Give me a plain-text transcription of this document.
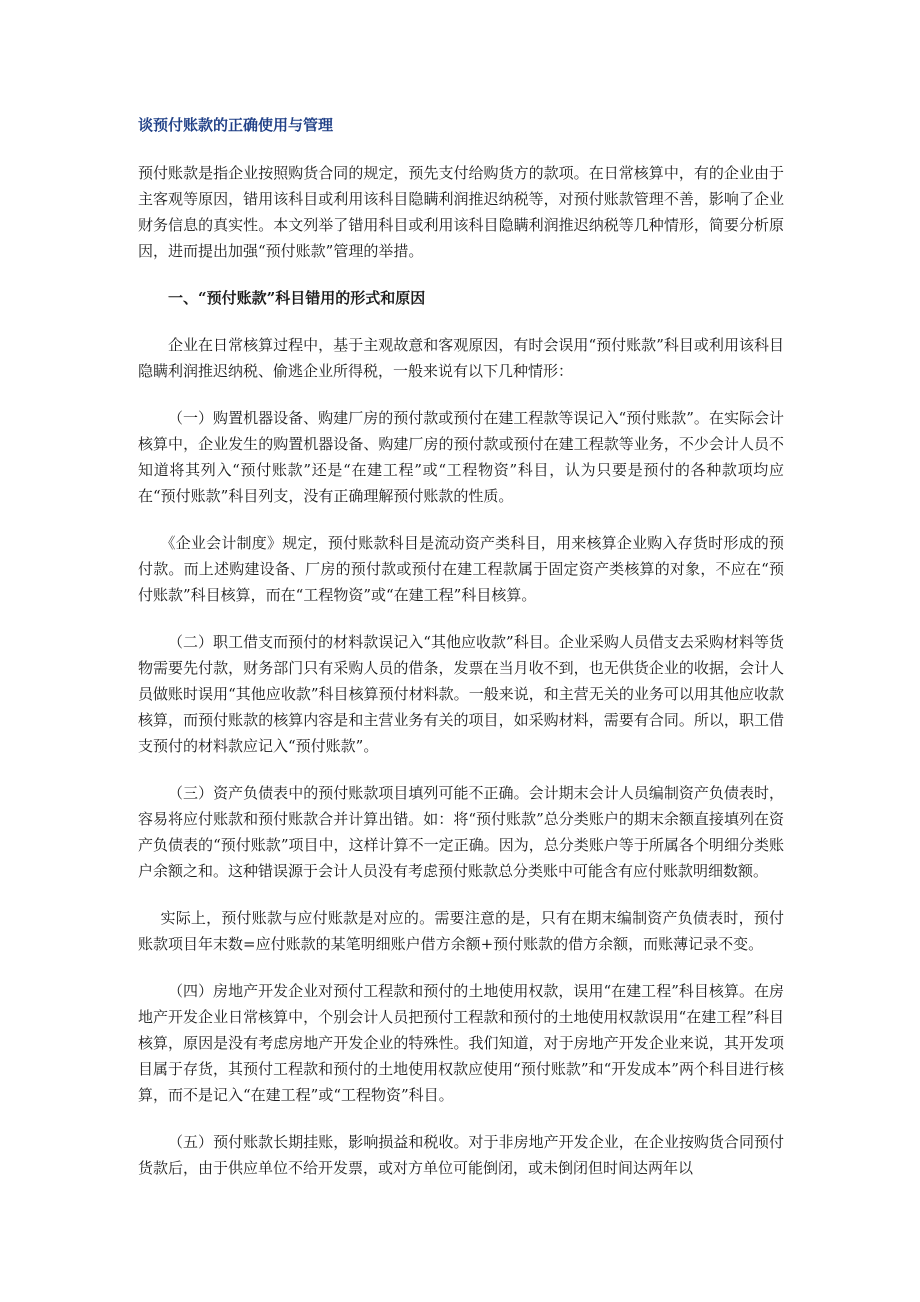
谈预付账款的正确使用与管理

预付账款是指企业按照购货合同的规定，预先支付给购货方的款项。在日常核算中，有的企业由于主客观等原因，错用该科目或利用该科目隐瞒利润推迟纳税等，对预付账款管理不善，影响了企业财务信息的真实性。本文列举了错用科目或利用该科目隐瞒利润推迟纳税等几种情形，简要分析原因，进而提出加强“预付账款”管理的举措。

一、“预付账款”科目错用的形式和原因

企业在日常核算过程中，基于主观故意和客观原因，有时会误用“预付账款”科目或利用该科目隐瞒利润推迟纳税、偷逃企业所得税，一般来说有以下几种情形：

（一）购置机器设备、购建厂房的预付款或预付在建工程款等误记入“预付账款”。在实际会计核算中，企业发生的购置机器设备、购建厂房的预付款或预付在建工程款等业务，不少会计人员不知道将其列入“预付账款”还是“在建工程”或“工程物资”科目，认为只要是预付的各种款项均应在“预付账款”科目列支，没有正确理解预付账款的性质。

《企业会计制度》规定，预付账款科目是流动资产类科目，用来核算企业购入存货时形成的预付款。而上述购建设备、厂房的预付款或预付在建工程款属于固定资产类核算的对象，不应在“预付账款”科目核算，而在“工程物资”或“在建工程”科目核算。

（二）职工借支而预付的材料款误记入“其他应收款”科目。企业采购人员借支去采购材料等货物需要先付款，财务部门只有采购人员的借条，发票在当月收不到，也无供货企业的收据，会计人员做账时误用“其他应收款”科目核算预付材料款。一般来说，和主营无关的业务可以用其他应收款核算，而预付账款的核算内容是和主营业务有关的项目，如采购材料，需要有合同。所以，职工借支预付的材料款应记入“预付账款”。

（三）资产负债表中的预付账款项目填列可能不正确。会计期末会计人员编制资产负债表时，容易将应付账款和预付账款合并计算出错。如：将“预付账款”总分类账户的期末余额直接填列在资产负债表的“预付账款”项目中，这样计算不一定正确。因为，总分类账户等于所属各个明细分类账户余额之和。这种错误源于会计人员没有考虑预付账款总分类账中可能含有应付账款明细数额。

实际上，预付账款与应付账款是对应的。需要注意的是，只有在期末编制资产负债表时，预付账款项目年末数=应付账款的某笔明细账户借方余额+预付账款的借方余额，而账薄记录不变。

（四）房地产开发企业对预付工程款和预付的土地使用权款，误用“在建工程”科目核算。在房地产开发企业日常核算中，个别会计人员把预付工程款和预付的土地使用权款误用“在建工程”科目核算，原因是没有考虑房地产开发企业的特殊性。我们知道，对于房地产开发企业来说，其开发项目属于存货，其预付工程款和预付的土地使用权款应使用“预付账款”和“开发成本”两个科目进行核算，而不是记入“在建工程”或“工程物资”科目。

（五）预付账款长期挂账，影响损益和税收。对于非房地产开发企业，在企业按购货合同预付货款后，由于供应单位不给开发票，或对方单位可能倒闭，或未倒闭但时间达两年以
